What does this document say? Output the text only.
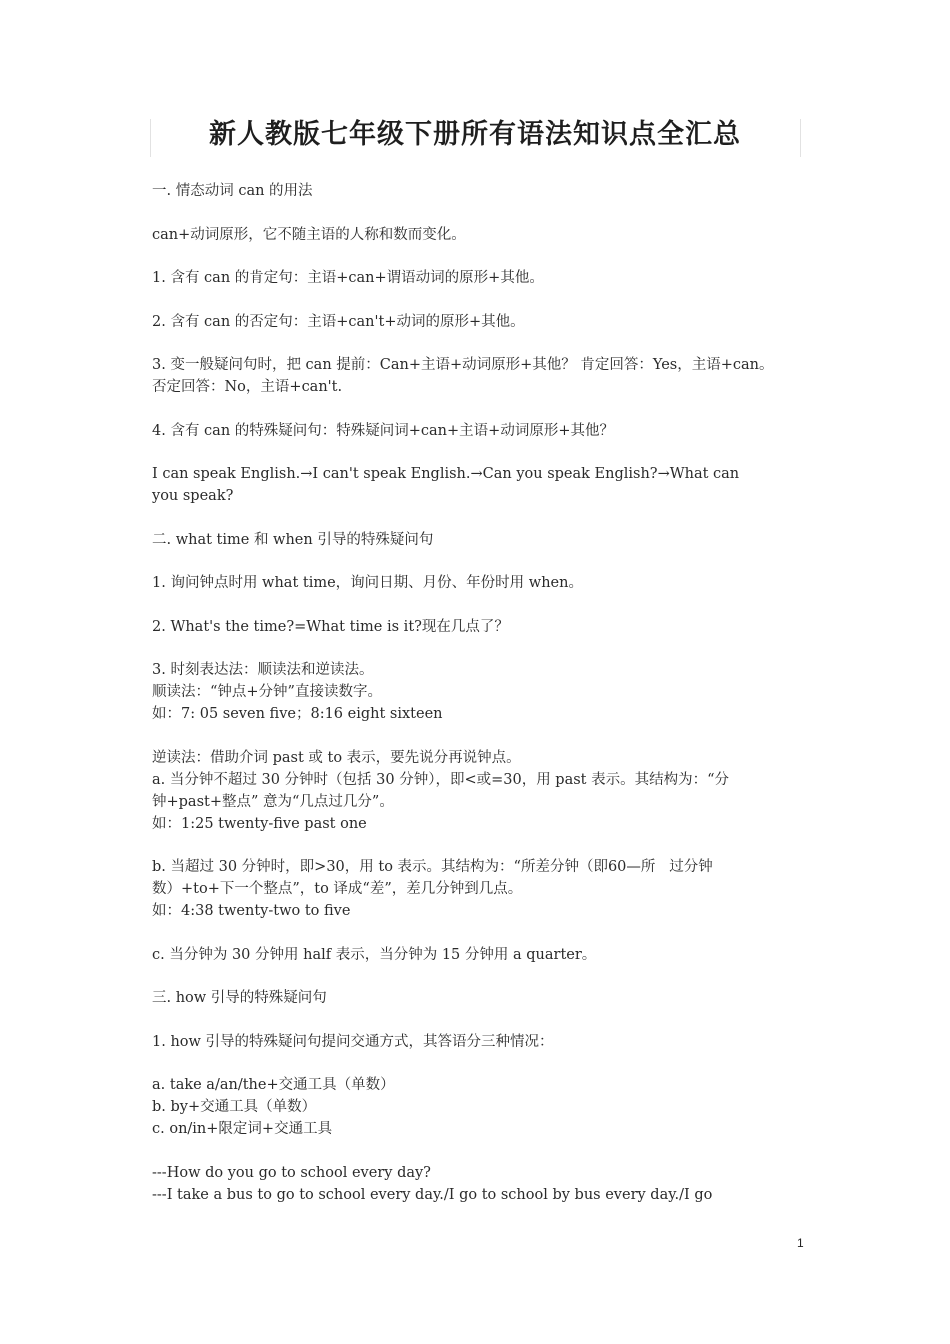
新人教版七年级下册所有语法知识点全汇总
一. 情态动词 can 的用法
can+动词原形，它不随主语的人称和数而变化。
1. 含有 can 的肯定句：主语+can+谓语动词的原形+其他。
2. 含有 can 的否定句：主语+can't+动词的原形+其他。
3. 变一般疑问句时，把 can 提前：Can+主语+动词原形+其他？ 肯定回答：Yes，主语+can。
否定回答：No，主语+can't.
4. 含有 can 的特殊疑问句：特殊疑问词+can+主语+动词原形+其他？
I can speak English.→I can't speak English.→Can you speak English?→What can
you speak?
二. what time 和 when 引导的特殊疑问句
1. 询问钟点时用 what time，询问日期、月份、年份时用 when。
2. What's the time?=What time is it?现在几点了？
3. 时刻表达法：顺读法和逆读法。
顺读法：“钟点+分钟”直接读数字。
如：7: 05 seven five；8:16 eight sixteen
逆读法：借助介词 past 或 to 表示，要先说分再说钟点。
a. 当分钟不超过 30 分钟时（包括 30 分钟），即<或=30，用 past 表示。其结构为：“分
钟+past+整点” 意为“几点过几分”。
如：1:25 twenty-five past one
b. 当超过 30 分钟时，即>30，用 to 表示。其结构为：“所差分钟（即60—所   过分钟
数）+to+下一个整点”，to 译成“差”，差几分钟到几点。
如：4:38 twenty-two to five
c. 当分钟为 30 分钟用 half 表示，当分钟为 15 分钟用 a quarter。
三. how 引导的特殊疑问句
1. how 引导的特殊疑问句提问交通方式，其答语分三种情况：
a. take a/an/the+交通工具（单数）
b. by+交通工具（单数）
c. on/in+限定词+交通工具
---How do you go to school every day?
---I take a bus to go to school every day./I go to school by bus every day./I go
1
